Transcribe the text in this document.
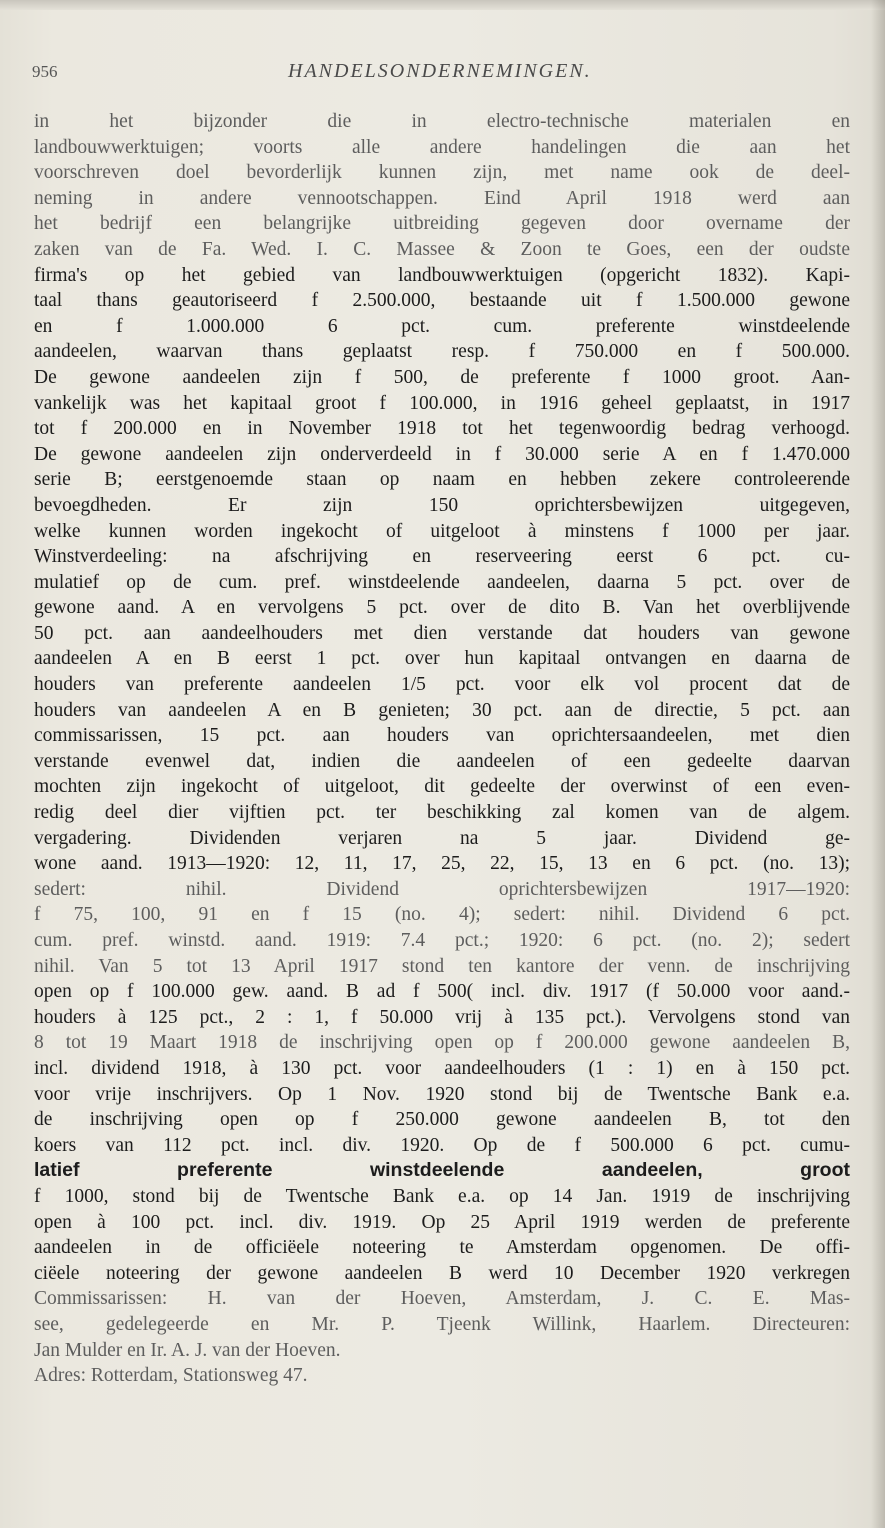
956	HANDELSONDERNEMINGEN.
in het bijzonder die in electro-technische materialen en
landbouwwerktuigen; voorts alle andere handelingen die aan het
voorschreven doel bevorderlijk kunnen zijn, met name ook de deel-
neming in andere vennootschappen. Eind April 1918 werd aan
het bedrijf een belangrijke uitbreiding gegeven door overname der
zaken van de Fa. Wed. I. C. Massee & Zoon te Goes, een der oudste
firma's op het gebied van landbouwwerktuigen (opgericht 1832). Kapi-
taal thans geautoriseerd f 2.500.000, bestaande uit f 1.500.000 gewone
en f 1.000.000 6 pct. cum. preferente winstdeelende
aandeelen, waarvan thans geplaatst resp. f 750.000 en f 500.000.
De gewone aandeelen zijn f 500, de preferente f 1000 groot. Aan-
vankelijk was het kapitaal groot f 100.000, in 1916 geheel geplaatst, in 1917
tot f 200.000 en in November 1918 tot het tegenwoordig bedrag verhoogd.
De gewone aandeelen zijn onderverdeeld in f 30.000 serie A en f 1.470.000
serie B; eerstgenoemde staan op naam en hebben zekere controleerende
bevoegdheden. Er zijn 150 oprichtersbewijzen uitgegeven,
welke kunnen worden ingekocht of uitgeloot à minstens f 1000 per jaar.
Winstverdeeling: na afschrijving en reserveering eerst 6 pct. cu-
mulatief op de cum. pref. winstdeelende aandeelen, daarna 5 pct. over de
gewone aand. A en vervolgens 5 pct. over de dito B. Van het overblijvende
50 pct. aan aandeelhouders met dien verstande dat houders van gewone
aandeelen A en B eerst 1 pct. over hun kapitaal ontvangen en daarna de
houders van preferente aandeelen 1/5 pct. voor elk vol procent dat de
houders van aandeelen A en B genieten; 30 pct. aan de directie, 5 pct. aan
commissarissen, 15 pct. aan houders van oprichtersaandeelen, met dien
verstande evenwel dat, indien die aandeelen of een gedeelte daarvan
mochten zijn ingekocht of uitgeloot, dit gedeelte der overwinst of een even-
redig deel dier vijftien pct. ter beschikking zal komen van de algem.
vergadering. Dividenden verjaren na 5 jaar. Dividend ge-
wone aand. 1913—1920: 12, 11, 17, 25, 22, 15, 13 en 6 pct. (no. 13);
sedert: nihil. Dividend oprichtersbewijzen 1917—1920:
f 75, 100, 91 en f 15 (no. 4); sedert: nihil. Dividend 6 pct.
cum. pref. winstd. aand. 1919: 7.4 pct.; 1920: 6 pct. (no. 2); sedert
nihil. Van 5 tot 13 April 1917 stond ten kantore der venn. de inschrijving
open op f 100.000 gew. aand. B ad f 500( incl. div. 1917 (f 50.000 voor aand.-
houders à 125 pct., 2 : 1, f 50.000 vrij à 135 pct.). Vervolgens stond van
8 tot 19 Maart 1918 de inschrijving open op f 200.000 gewone aandeelen B,
incl. dividend 1918, à 130 pct. voor aandeelhouders (1 : 1) en à 150 pct.
voor vrije inschrijvers. Op 1 Nov. 1920 stond bij de Twentsche Bank e.a.
de inschrijving open op f 250.000 gewone aandeelen B, tot den
koers van 112 pct. incl. div. 1920. Op de f 500.000 6 pct. cumu-
latief preferente winstdeelende aandeelen, groot
f 1000, stond bij de Twentsche Bank e.a. op 14 Jan. 1919 de inschrijving
open à 100 pct. incl. div. 1919. Op 25 April 1919 werden de preferente
aandeelen in de officiëele noteering te Amsterdam opgenomen. De offi-
ciëele noteering der gewone aandeelen B werd 10 December 1920 verkregen
Commissarissen: H. van der Hoeven, Amsterdam, J. C. E. Mas-
see, gedelegeerde en Mr. P. Tjeenk Willink, Haarlem. Directeuren:
Jan Mulder en Ir. A. J. van der Hoeven.
Adres: Rotterdam, Stationsweg 47.
